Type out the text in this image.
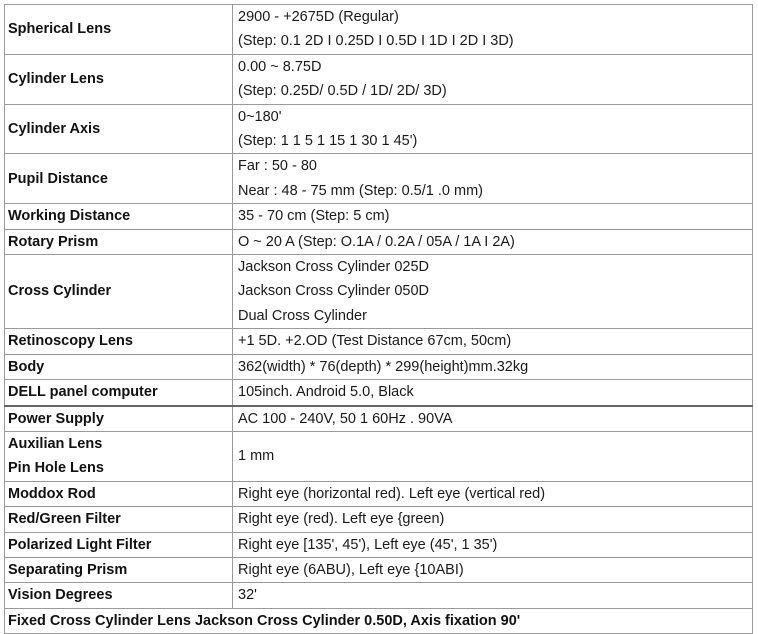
Spherical Lens	2900 - +2675D (Regular)
(Step: 0.1 2D I 0.25D I 0.5D I 1D I 2D I 3D)

Cylinder Lens	0.00 ~ 8.75D
(Step: 0.25D/ 0.5D / 1D/ 2D/ 3D)

Cylinder Axis	0~180'
(Step: 1 1 5 1 15 1 30 1 45')

Pupil Distance	Far : 50 - 80
Near : 48 - 75 mm (Step: 0.5/1 .0 mm)

Working Distance	35 - 70 cm (Step: 5 cm)

Rotary Prism	O ~ 20 A (Step: O.1A / 0.2A / 05A / 1A I 2A)

Cross Cylinder	Jackson Cross Cylinder 025D
Jackson Cross Cylinder 050D
Dual Cross Cylinder

Retinoscopy Lens	+1 5D. +2.OD (Test Distance 67cm, 50cm)

Body	362(width) * 76(depth) * 299(height)mm.32kg

DELL panel computer	105inch. Android 5.0, Black

Power Supply	AC 100 - 240V, 50 1 60Hz . 90VA

Auxilian Lens
Pin Hole Lens	1 mm

Moddox Rod	Right eye (horizontal red). Left eye (vertical red)

Red/Green Filter	Right eye (red). Left eye {green)

Polarized Light Filter	Right eye [135', 45'), Left eye (45', 1 35')

Separating Prism	Right eye (6ABU), Left eye {10ABI)

Vision Degrees	32'

Fixed Cross Cylinder Lens Jackson Cross Cylinder 0.50D, Axis fixation 90'	
